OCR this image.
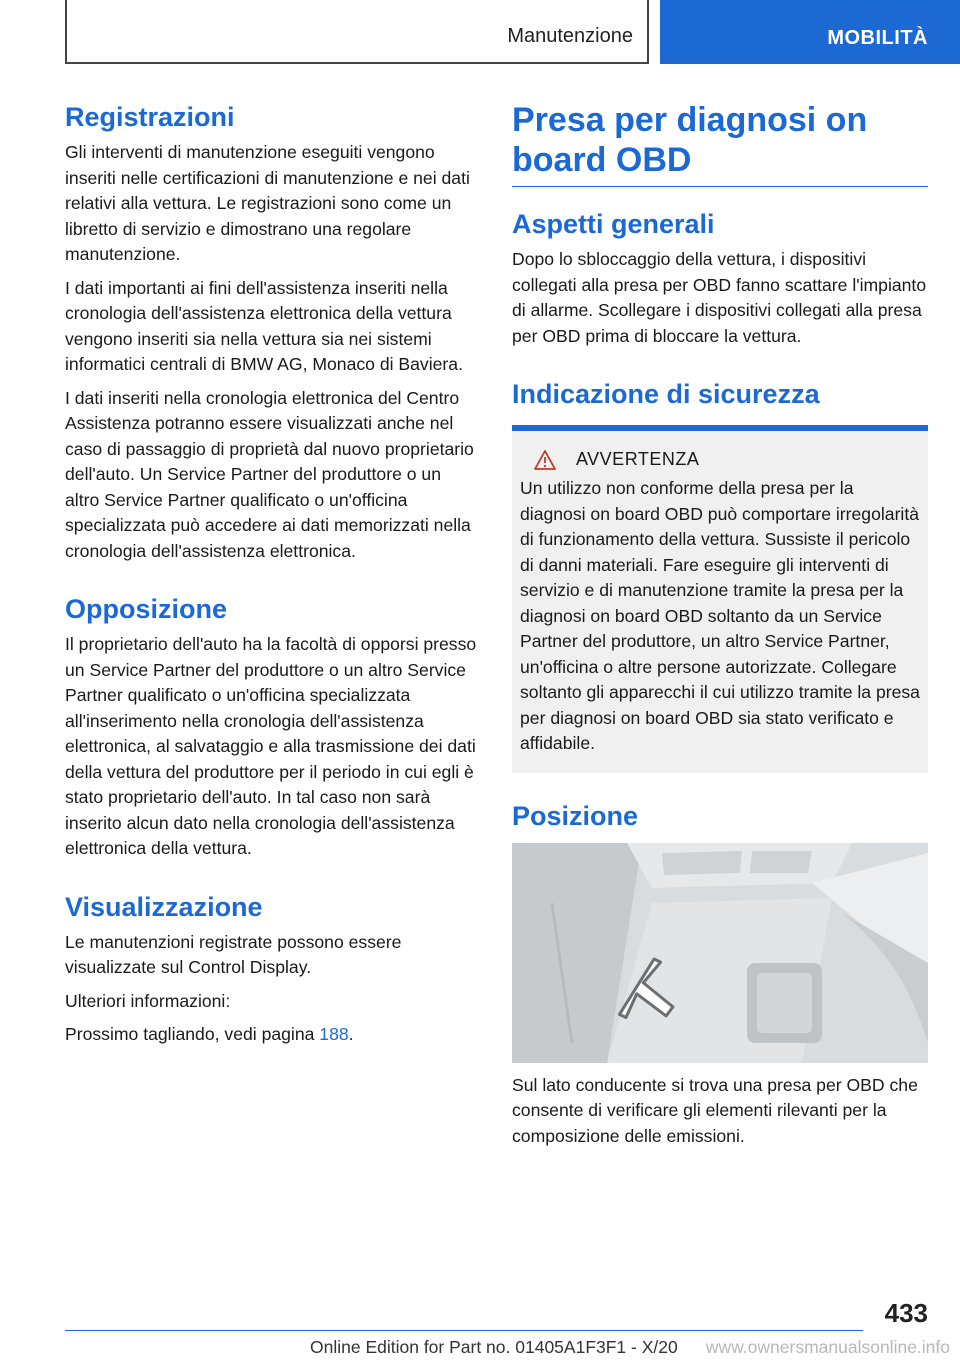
Manutenzione	MOBILITÀ
Registrazioni

Gli interventi di manutenzione eseguiti vengono inseriti nelle certificazioni di manutenzione e nei dati relativi alla vettura. Le registrazioni sono come un libretto di servizio e dimostrano una regolare manutenzione.

I dati importanti ai fini dell'assistenza inseriti nella cronologia dell'assistenza elettronica della vettura vengono inseriti sia nella vettura sia nei sistemi informatici centrali di BMW AG, Monaco di Baviera.

I dati inseriti nella cronologia elettronica del Centro Assistenza potranno essere visualizzati anche nel caso di passaggio di proprietà dal nuovo proprietario dell'auto. Un Service Partner del produttore o un altro Service Partner qualificato o un'officina specializzata può accedere ai dati memorizzati nella cronologia dell'assistenza elettronica.

Opposizione

Il proprietario dell'auto ha la facoltà di opporsi presso un Service Partner del produttore o un altro Service Partner qualificato o un'officina specializzata all'inserimento nella cronologia dell'assistenza elettronica, al salvataggio e alla trasmissione dei dati della vettura del produttore per il periodo in cui egli è stato proprietario dell'auto. In tal caso non sarà inserito alcun dato nella cronologia dell'assistenza elettronica della vettura.

Visualizzazione

Le manutenzioni registrate possono essere visualizzate sul Control Display.

Ulteriori informazioni:

Prossimo tagliando, vedi pagina 188.

Presa per diagnosi on board OBD
Aspetti generali

Dopo lo sbloccaggio della vettura, i dispositivi collegati alla presa per OBD fanno scattare l'impianto di allarme. Scollegare i dispositivi collegati alla presa per OBD prima di bloccare la vettura.

Indicazione di sicurezza
AVVERTENZA

Un utilizzo non conforme della presa per la diagnosi on board OBD può comportare irregolarità di funzionamento della vettura. Sussiste il pericolo di danni materiali. Fare eseguire gli interventi di servizio e di manutenzione tramite la presa per la diagnosi on board OBD soltanto da un Service Partner del produttore, un altro Service Partner, un'officina o altre persone autorizzate. Collegare soltanto gli apparecchi il cui utilizzo tramite la presa per diagnosi on board OBD sia stato verificato e affidabile.

Posizione

Sul lato conducente si trova una presa per OBD che consente di verificare gli elementi rilevanti per la composizione delle emissioni.

433
Online Edition for Part no. 01405A1F3F1 - X/20 www.ownersmanualsonline.info
